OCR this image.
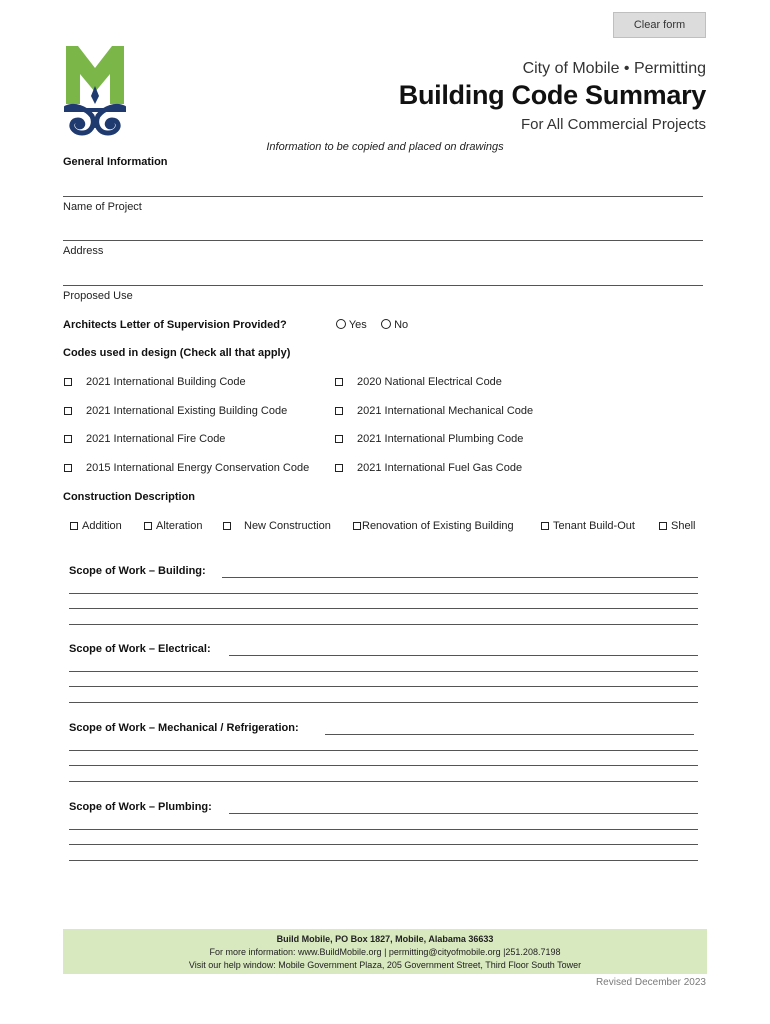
Clear form
City of Mobile • Permitting
Building Code Summary
For All Commercial Projects
Information to be copied and placed on drawings
General Information
Name of Project
Address
Proposed Use
Architects Letter of Supervision Provided?	Yes	No
Codes used in design (Check all that apply)
2021 International Building Code
2021 International Existing Building Code
2021 International Fire Code
2015 International Energy Conservation Code
2020 National Electrical Code
2021 International Mechanical Code
2021 International Plumbing Code
2021 International Fuel Gas Code
Construction Description
Addition	Alteration	New Construction	Renovation of Existing Building	Tenant Build-Out	Shell
Scope of Work – Building:
Scope of Work – Electrical:
Scope of Work – Mechanical / Refrigeration:
Scope of Work – Plumbing:
Build Mobile, PO Box 1827, Mobile, Alabama 36633
For more information: www.BuildMobile.org | permitting@cityofmobile.org |251.208.7198
Visit our help window: Mobile Government Plaza, 205 Government Street, Third Floor South Tower
Revised December 2023
